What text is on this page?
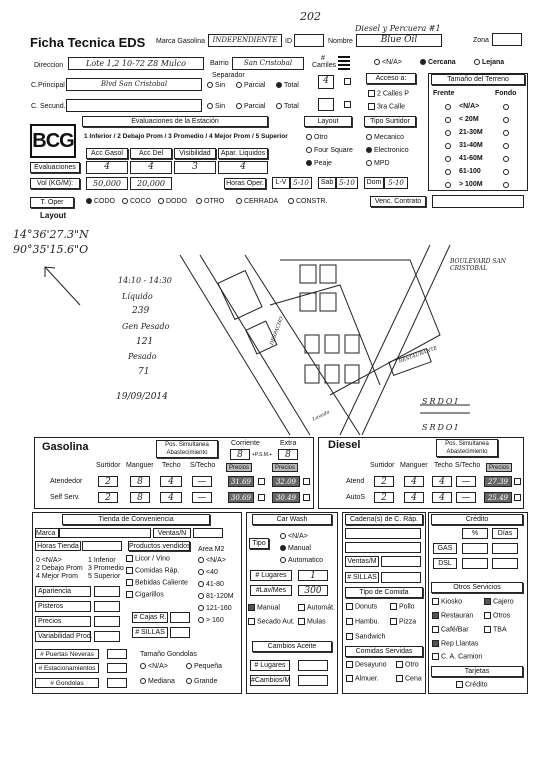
202
Ficha Tecnica EDS Marca Gasolina	INDEPENDIENTE	ID	Nombre
Diesel y Percuera #1
Blue Oil	Zona
Direccion	Lote 1,2 10-72 Z8 Mulco	Barrio	San Cristobal
# Carriles	<N/A>	Cercana	Lejana
C.Principal	Blvd San Cristobal
Separador
Sin	Parcial	Total	4	Acceso a:
2 Calles P
3ra Calle
C. Secund.	Sin	Parcial	Total
Tamaño del Terreno
Frente	Fondo
<N/A>
< 20M
21-30M
31-40M
41-60M
61-100
> 100M
BCG
Evaluaciones de la Estación
1 Inferior / 2 Debajo Prom / 3 Promedio / 4 Mejor Prom / 5 Superior
Layout	Tipo Surtidor
Otro
Four Square
Peaje
Mecanico
Electronico
MPD
Acc Gasol	Acc Del	Visibilidad	Apar. Liquidos
Evaluaciones	4	4	3	4
Vol (KG/M):	50,000	20,000	Horas Oper.	L-V 5-10	Sab 5-10	Dom 5-10
T. Oper	CODO	COCO	DODO	OTRO	CERRADA	CONSTR.	Venc. Contrato
Layout
14°36'27.3"N
90°35'15.6"O
14:10 - 14:30
Líquido
239
Gen Pesado
121
Pesado
71
19/09/2014
BOULEVARD SAN CRISTOBAL
RESTAURANTE
SRDOI
SRDOI
DESPACHO
Lavado
Gasolina	Pos. Simultanea Abastecimiento
Corriente
8	+P.S.M.+
Extra
8
Surtidor Manguer Techo S/Techo	Precios	Precios
Atendedor	2	8	4	—	31.69	32.09
Self Serv.	2	8	4	—	30.69	30.49
Diesel	Pos. Simultanea Abastecimiento
Surtidor Manguer Techo S/Techo	Precios
Atend	2	4	4	—	27.39
AutoS	2	4	4	—	25.49
Tienda de Conveniencia
Marca	Ventas/N
Horas Tienda	Productos vendidos Area M2
0 <N/A>	1 Inferior
2 Debajo Prom 3 Promedio
4 Mejor Prom 5 Superior
Licor / Vino
Comidas Ráp.
Bebidas Caliente
Cigarillos
<N/A>
<40
41-80
81-120M
121-160
> 160
Apariencia
Pisteros
Precios
Variabilidad Prod.
# Cajas R.
# SILLAS
# Puertas Neveras
# Estacionamientos
# Gondolas
Tamaño Gondolas
<N/A>	Pequeña
Mediana	Grande
Car Wash
Tipo
<N/A>
Manual
Automatico
# Lugares	1
#Lav/Mes	300
Manual	Automát.
Secado Aut.	Mulas
Cambios Aceite
# Lugares
#Cambios/M
Cadena(s) de C. Ráp.
Ventas/M
# SILLAS
Tipo de Comida
Donuts	Pollo
Hambu.	Pizza
Sandwich
Comidas Servidas
Desayuno	Otro
Almuer.	Cena
Crédito
%	Días
GAS
DSL
Otros Servicios
Kiosko	Cajero
Restauran	Otros
Café/Bar	TBA
Rep Llantas
C. A. Camion
Tarjetas
Crédito
